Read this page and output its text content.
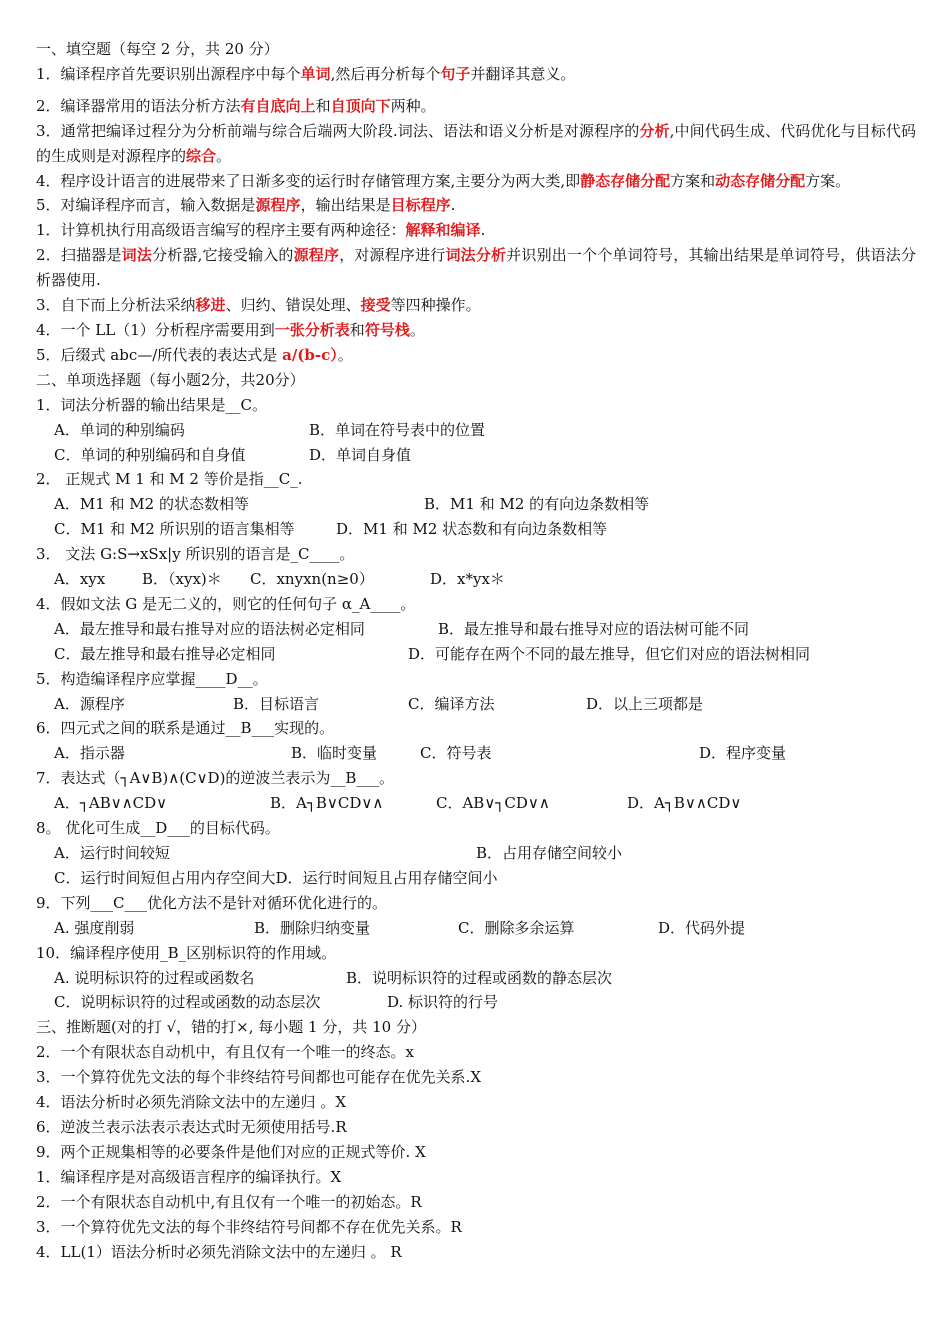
一、填空题（每空 2 分，共 20 分）

1．编译程序首先要识别出源程序中每个单词,然后再分析每个句子并翻译其意义。

2．编译器常用的语法分析方法有自底向上和自顶向下两种。

3．通常把编译过程分为分析前端与综合后端两大阶段.词法、语法和语义分析是对源程序的分析,中间代码生成、代码优化与目标代码的生成则是对源程序的综合。

4．程序设计语言的进展带来了日渐多变的运行时存储管理方案,主要分为两大类,即静态存储分配方案和动态存储分配方案。

5．对编译程序而言，输入数据是源程序，输出结果是目标程序.

1．计算机执行用高级语言编写的程序主要有两种途径：解释和编译.

2．扫描器是词法分析器,它接受输入的源程序，对源程序进行词法分析并识别出一个个单词符号，其输出结果是单词符号，供语法分析器使用.

3．自下而上分析法采纳移进、归约、错误处理、接受等四种操作。

4．一个 LL（1）分析程序需要用到一张分析表和符号栈。

5．后缀式 abc—/所代表的表达式是 a/(b-c）。

二、单项选择题（每小题2分，共20分）

1．词法分析器的输出结果是__C。

A．单词的种别编码	B．单词在符号表中的位置

C．单词的种别编码和自身值	D．单词自身值

2． 正规式 M 1 和 M 2 等价是指__C_.

A．M1 和 M2 的状态数相等	B．M1 和 M2 的有向边条数相等

C．M1 和 M2 所识别的语言集相等	D．M1 和 M2 状态数和有向边条数相等

3． 文法 G:S→xSx|y 所识别的语言是_C____。

A．xyx B．（xyx)＊ C．xnyxn(n≥0）	D．x*yx＊

4．假如文法 G 是无二义的，则它的任何句子 α_A____。

A．最左推导和最右推导对应的语法树必定相同	B．最左推导和最右推导对应的语法树可能不同

C．最左推导和最右推导必定相同	D．可能存在两个不同的最左推导，但它们对应的语法树相同

5．构造编译程序应掌握____D__。

A．源程序	B．目标语言	C．编译方法	D．以上三项都是

6．四元式之间的联系是通过__B___实现的。

A．指示器	B．临时变量	C．符号表	D．程序变量

7．表达式（┐A∨B)∧(C∨D)的逆波兰表示为__B___。

A．┐AB∨∧CD∨	B．A┐B∨CD∨∧	C．AB∨┐CD∨∧	D．A┐B∨∧CD∨

8。 优化可生成__D___的目标代码。

A．运行时间较短	B．占用存储空间较小

C．运行时间短但占用内存空间大D．运行时间短且占用存储空间小

9．下列___C___优化方法不是针对循环优化进行的。

A. 强度削弱	B．删除归纳变量	C．删除多余运算	D．代码外提

10．编译程序使用_B_区别标识符的作用域。

A. 说明标识符的过程或函数名	B．说明标识符的过程或函数的静态层次

C．说明标识符的过程或函数的动态层次	D. 标识符的行号

三、推断题(对的打 √，错的打×, 每小题 1 分，共 10 分）

2．一个有限状态自动机中，有且仅有一个唯一的终态。x

3．一个算符优先文法的每个非终结符号间都也可能存在优先关系.X

4．语法分析时必须先消除文法中的左递归 。X

6．逆波兰表示法表示表达式时无须使用括号.R

9．两个正规集相等的必要条件是他们对应的正规式等价. X

1．编译程序是对高级语言程序的编译执行。X

2．一个有限状态自动机中,有且仅有一个唯一的初始态。R

3．一个算符优先文法的每个非终结符号间都不存在优先关系。R

4．LL(1）语法分析时必须先消除文法中的左递归 。 R
